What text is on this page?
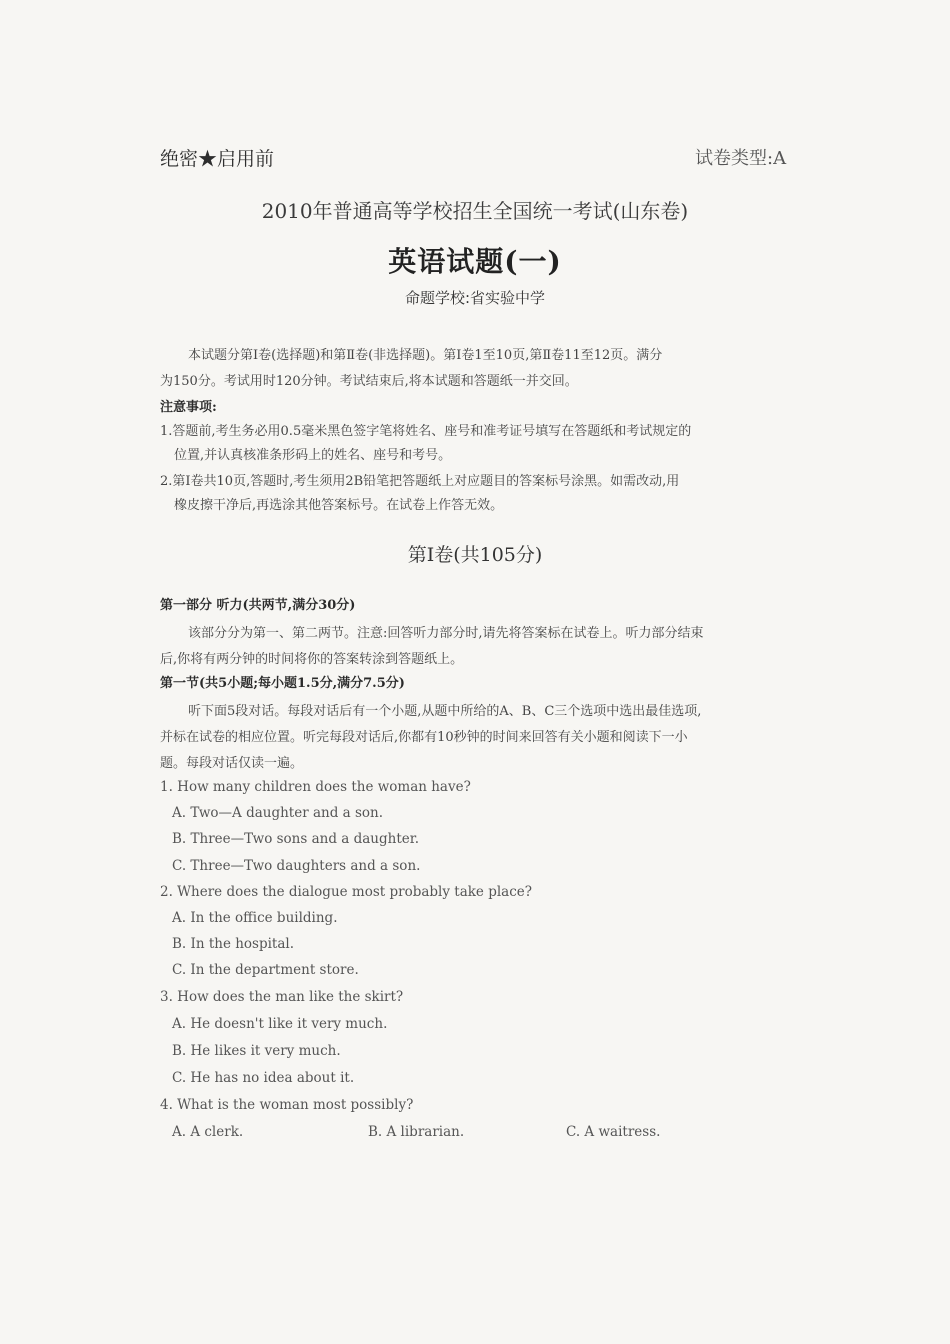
绝密★启用前	试卷类型:A
2010年普通高等学校招生全国统一考试(山东卷)
英语试题(一)
命题学校:省实验中学
本试题分第Ⅰ卷(选择题)和第Ⅱ卷(非选择题)。第Ⅰ卷1至10页,第Ⅱ卷11至12页。满分
为150分。考试用时120分钟。考试结束后,将本试题和答题纸一并交回。
注意事项:
1.答题前,考生务必用0.5毫米黑色签字笔将姓名、座号和准考证号填写在答题纸和考试规定的
位置,并认真核准条形码上的姓名、座号和考号。
2.第Ⅰ卷共10页,答题时,考生须用2B铅笔把答题纸上对应题目的答案标号涂黑。如需改动,用
橡皮擦干净后,再选涂其他答案标号。在试卷上作答无效。
第Ⅰ卷(共105分)
第一部分 听力(共两节,满分30分)
该部分分为第一、第二两节。注意:回答听力部分时,请先将答案标在试卷上。听力部分结束
后,你将有两分钟的时间将你的答案转涂到答题纸上。
第一节(共5小题;每小题1.5分,满分7.5分)
听下面5段对话。每段对话后有一个小题,从题中所给的A、B、C三个选项中选出最佳选项,
并标在试卷的相应位置。听完每段对话后,你都有10秒钟的时间来回答有关小题和阅读下一小
题。每段对话仅读一遍。
1. How many children does the woman have?
A. Two—A daughter and a son.
B. Three—Two sons and a daughter.
C. Three—Two daughters and a son.
2. Where does the dialogue most probably take place?
A. In the office building.
B. In the hospital.
C. In the department store.
3. How does the man like the skirt?
A. He doesn't like it very much.
B. He likes it very much.
C. He has no idea about it.
4. What is the woman most possibly?
A. A clerk.	B. A librarian.	C. A waitress.
